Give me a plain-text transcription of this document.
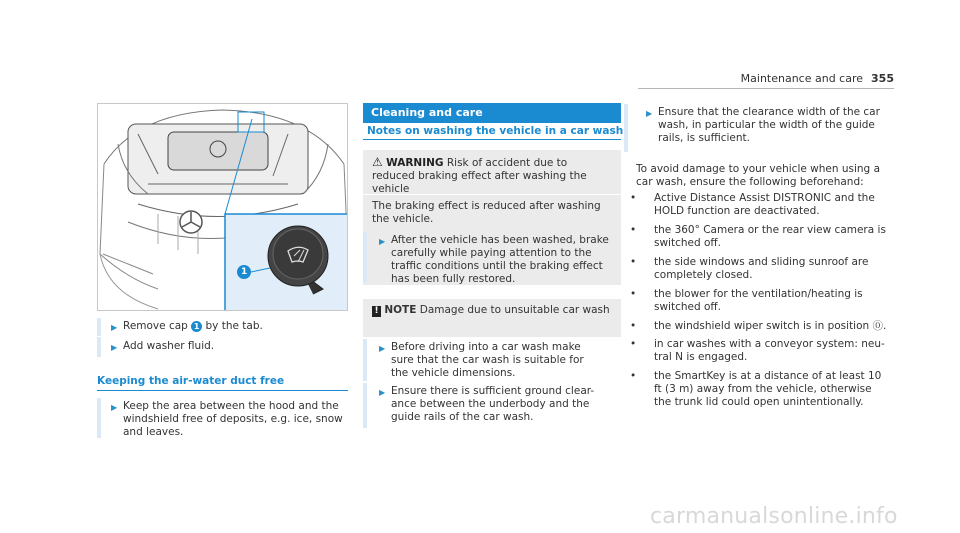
Maintenance and care 355
1
▶ Remove cap 1 by the tab.
▶ Add washer fluid.
Keeping the air-water duct free
▶ Keep the area between the hood and the windshield free of deposits, e.g. ice, snow and leaves.
Cleaning and care
Notes on washing the vehicle in a car wash
⚠ WARNING Risk of accident due to reduced braking effect after washing the vehicle
The braking effect is reduced after washing the vehicle.
▶ After the vehicle has been washed, brake carefully while paying attention to the traffic conditions until the braking effect has been fully restored.
! NOTE Damage due to unsuitable car wash
▶ Before driving into a car wash make sure that the car wash is suitable for the vehicle dimensions.
▶ Ensure there is sufficient ground clear-ance between the underbody and the guide rails of the car wash.
▶ Ensure that the clearance width of the car wash, in particular the width of the guide rails, is sufficient.
To avoid damage to your vehicle when using a car wash, ensure the following beforehand:
• Active Distance Assist DISTRONIC and the HOLD function are deactivated.
• the 360° Camera or the rear view camera is switched off.
• the side windows and sliding sunroof are completely closed.
• the blower for the ventilation/heating is switched off.
• the windshield wiper switch is in position ⓪.
• in car washes with a conveyor system: neu-tral N is engaged.
• the SmartKey is at a distance of at least 10 ft (3 m) away from the vehicle, otherwise the trunk lid could open unintentionally.
carmanualsonline.info
